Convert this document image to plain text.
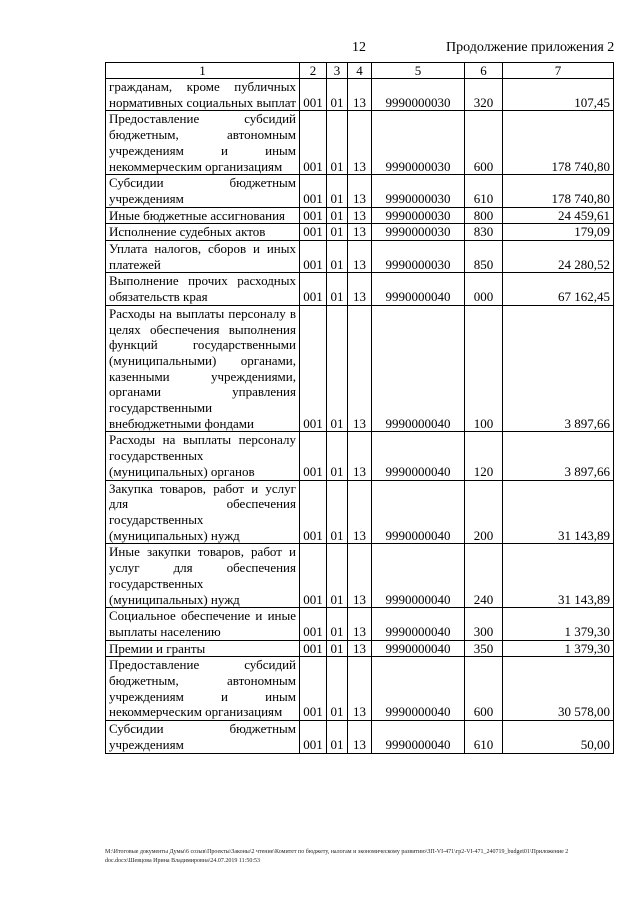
12	Продолжение приложения 2
1	2	3	4	5	6	7
гражданам, кроме публичных нормативных социальных выплат	001	01	13	9990000030	320	107,45
Предоставление субсидий бюджетным, автономным учреждениям и иным некоммерческим организациям	001	01	13	9990000030	600	178 740,80
Субсидии бюджетным учреждениям	001	01	13	9990000030	610	178 740,80
Иные бюджетные ассигнования	001	01	13	9990000030	800	24 459,61
Исполнение судебных актов	001	01	13	9990000030	830	179,09
Уплата налогов, сборов и иных платежей	001	01	13	9990000030	850	24 280,52
Выполнение прочих расходных обязательств края	001	01	13	9990000040	000	67 162,45
Расходы на выплаты персоналу в целях обеспечения выполнения функций государственными (муниципальными) органами, казенными учреждениями, органами управления государственными внебюджетными фондами	001	01	13	9990000040	100	3 897,66
Расходы на выплаты персоналу государственных (муниципальных) органов	001	01	13	9990000040	120	3 897,66
Закупка товаров, работ и услуг для обеспечения государственных (муниципальных) нужд	001	01	13	9990000040	200	31 143,89
Иные закупки товаров, работ и услуг для обеспечения государственных (муниципальных) нужд	001	01	13	9990000040	240	31 143,89
Социальное обеспечение и иные выплаты населению	001	01	13	9990000040	300	1 379,30
Премии и гранты	001	01	13	9990000040	350	1 379,30
Предоставление субсидий бюджетным, автономным учреждениям и иным некоммерческим организациям	001	01	13	9990000040	600	30 578,00
Субсидии бюджетным учреждениям	001	01	13	9990000040	610	50,00
М:\Итоговые документы Думы\6 созыв\Проекты\Законы\2 чтение\Комитет по бюджету, налогам и экономическому развитию\ЗП-VI-471\гр2-VI-471_240719_budget01\Приложение 2 doc.docx\Шевцова Ирина Владимировна\24.07.2019 11:50:53
